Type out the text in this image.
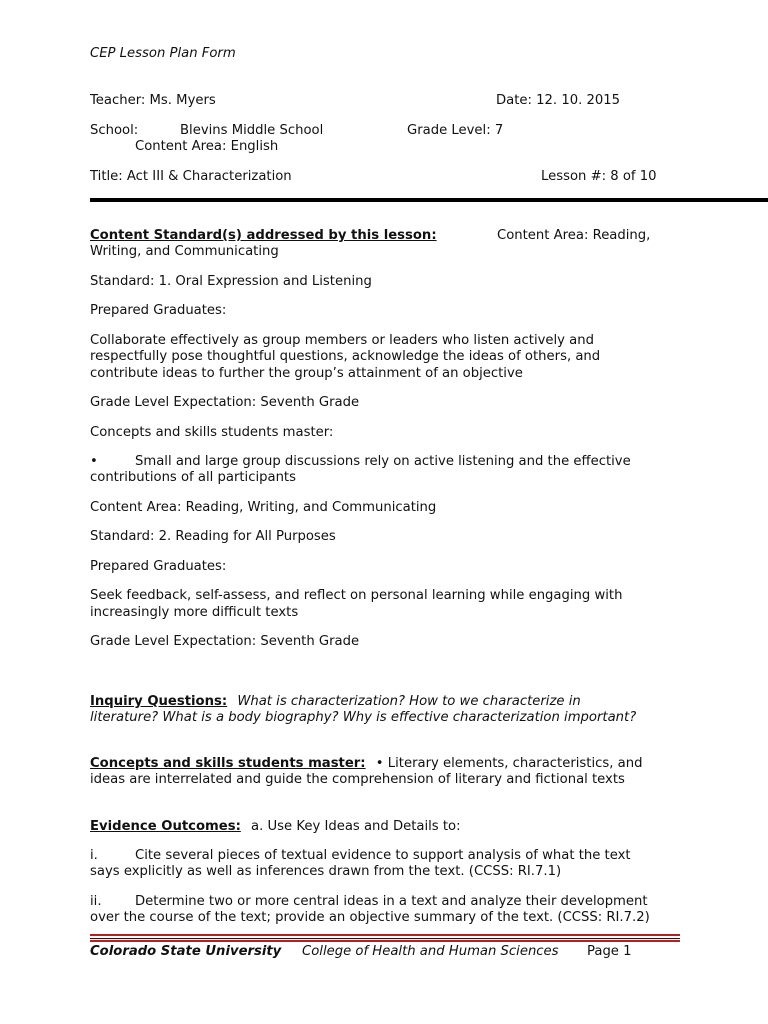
CEP Lesson Plan Form
Teacher: Ms. Myers	Date: 12. 10. 2015
School:	Blevins Middle School	Grade Level: 7
Content Area: English
Title: Act III & Characterization	Lesson #: 8 of 10
Content Standard(s) addressed by this lesson:	Content Area: Reading,
Writing, and Communicating
Standard: 1. Oral Expression and Listening
Prepared Graduates:
Collaborate effectively as group members or leaders who listen actively and
respectfully pose thoughtful questions, acknowledge the ideas of others, and
contribute ideas to further the group’s attainment of an objective
Grade Level Expectation: Seventh Grade
Concepts and skills students master:
•	Small and large group discussions rely on active listening and the effective
contributions of all participants
Content Area: Reading, Writing, and Communicating
Standard: 2. Reading for All Purposes
Prepared Graduates:
Seek feedback, self-assess, and reflect on personal learning while engaging with
increasingly more difficult texts
Grade Level Expectation: Seventh Grade
Inquiry Questions: What is characterization? How to we characterize in
literature? What is a body biography? Why is effective characterization important?
Concepts and skills students master: • Literary elements, characteristics, and
ideas are interrelated and guide the comprehension of literary and fictional texts
Evidence Outcomes: a. Use Key Ideas and Details to:
i.	Cite several pieces of textual evidence to support analysis of what the text
says explicitly as well as inferences drawn from the text. (CCSS: RI.7.1)
ii.	Determine two or more central ideas in a text and analyze their development
over the course of the text; provide an objective summary of the text. (CCSS: RI.7.2)
Colorado State University College of Health and Human Sciences Page 1
